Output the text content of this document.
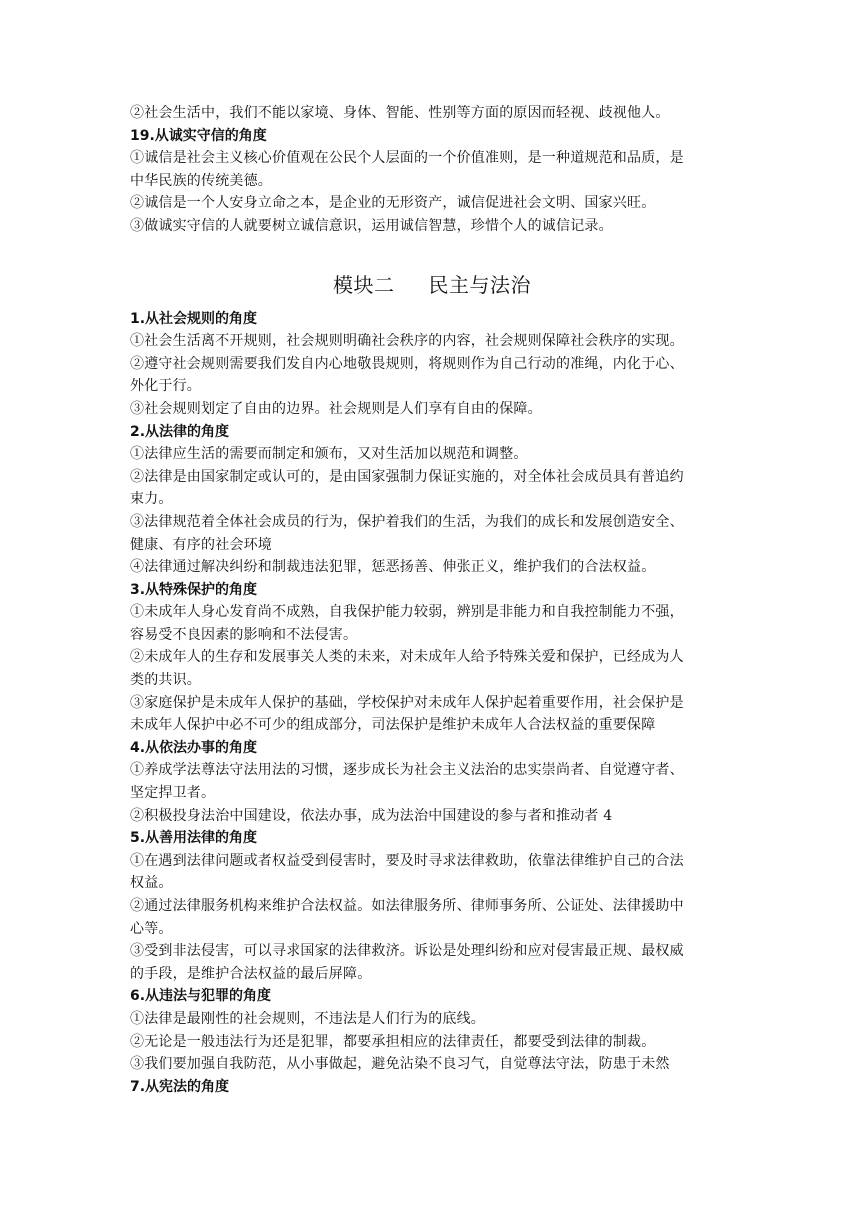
②社会生活中，我们不能以家境、身体、智能、性别等方面的原因而轻视、歧视他人。
19.从诚实守信的角度
①诚信是社会主义核心价值观在公民个人层面的一个价值准则，是一种道规范和品质，是
中华民族的传统美德。
②诚信是一个人安身立命之本，是企业的无形资产，诚信促进社会文明、国家兴旺。
③做诚实守信的人就要树立诚信意识，运用诚信智慧，珍惜个人的诚信记录。
模块二 民主与法治
1.从社会规则的角度
①社会生活离不开规则，社会规则明确社会秩序的内容，社会规则保障社会秩序的实现。
②遵守社会规则需要我们发自内心地敬畏规则，将规则作为自己行动的准绳，内化于心、
外化于行。
③社会规则划定了自由的边界。社会规则是人们享有自由的保障。
2.从法律的角度
①法律应生活的需要而制定和颁布，又对生活加以规范和调整。
②法律是由国家制定或认可的，是由国家强制力保证实施的，对全体社会成员具有普追约
束力。
③法律规范着全体社会成员的行为，保护着我们的生活，为我们的成长和发展创造安全、
健康、有序的社会环境
④法律通过解决纠纷和制裁违法犯罪，惩恶扬善、伸张正义，维护我们的合法权益。
3.从特殊保护的角度
①未成年人身心发育尚不成熟，自我保护能力较弱，辨别是非能力和自我控制能力不强，
容易受不良因素的影响和不法侵害。
②未成年人的生存和发展事关人类的未来，对未成年人给予特殊关爱和保护，已经成为人
类的共识。
③家庭保护是未成年人保护的基础，学校保护对未成年人保护起着重要作用，社会保护是
未成年人保护中必不可少的组成部分，司法保护是维护未成年人合法权益的重要保障
4.从依法办事的角度
①养成学法尊法守法用法的习惯，逐步成长为社会主义法治的忠实崇尚者、自觉遵守者、
坚定捍卫者。
②积极投身法治中国建设，依法办事，成为法治中国建设的参与者和推动者 4
5.从善用法律的角度
①在遇到法律问题或者权益受到侵害时，要及时寻求法律救助，依靠法律维护自己的合法
权益。
②通过法律服务机构来维护合法权益。如法律服务所、律师事务所、公证处、法律援助中
心等。
③受到非法侵害，可以寻求国家的法律救济。诉讼是处理纠纷和应对侵害最正规、最权威
的手段，是维护合法权益的最后屏障。
6.从违法与犯罪的角度
①法律是最刚性的社会规则，不违法是人们行为的底线。
②无论是一般违法行为还是犯罪，都要承担相应的法律责任，都要受到法律的制裁。
③我们要加强自我防范，从小事做起，避免沾染不良习气，自觉尊法守法，防患于未然
7.从宪法的角度
